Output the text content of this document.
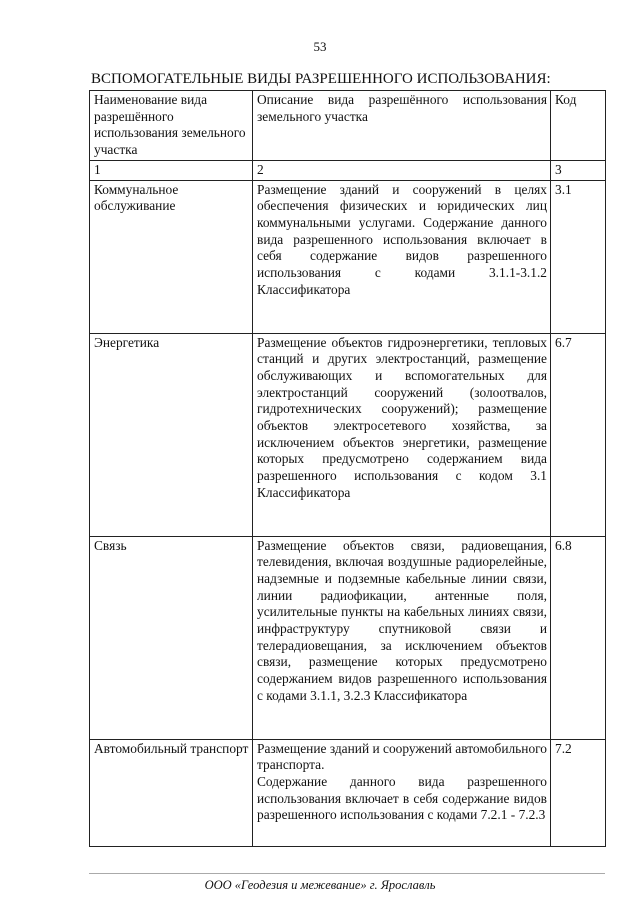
53
ВСПОМОГАТЕЛЬНЫЕ ВИДЫ РАЗРЕШЕННОГО ИСПОЛЬЗОВАНИЯ:
Наименование вида разрешённого использования земельного участка	Описание вида разрешённого использования земельного участка	Код
1	2	3
Коммунальное обслуживание	Размещение зданий и сооружений в целях обеспечения физических и юридических лиц коммунальными услугами. Содержание данного вида разрешенного использования включает в себя содержание видов разрешенного использования с кодами 3.1.1-3.1.2 Классификатора	3.1
Энергетика	Размещение объектов гидроэнергетики, тепловых станций и других электростанций, размещение обслуживающих и вспомогательных для электростанций сооружений (золоотвалов, гидротехнических сооружений); размещение объектов электросетевого хозяйства, за исключением объектов энергетики, размещение которых предусмотрено содержанием вида разрешенного использования с кодом 3.1 Классификатора	6.7
Связь	Размещение объектов связи, радиовещания, телевидения, включая воздушные радиорелейные, надземные и подземные кабельные линии связи, линии радиофикации, антенные поля, усилительные пункты на кабельных линиях связи, инфраструктуру спутниковой связи и телерадиовещания, за исключением объектов связи, размещение которых предусмотрено содержанием видов разрешенного использования с кодами 3.1.1, 3.2.3 Классификатора	6.8
Автомобильный транспорт	Размещение зданий и сооружений автомобильного транспорта.
Содержание данного вида разрешенного использования включает в себя содержание видов разрешенного использования с кодами 7.2.1 - 7.2.3	7.2
ООО «Геодезия и межевание» г. Ярославль
